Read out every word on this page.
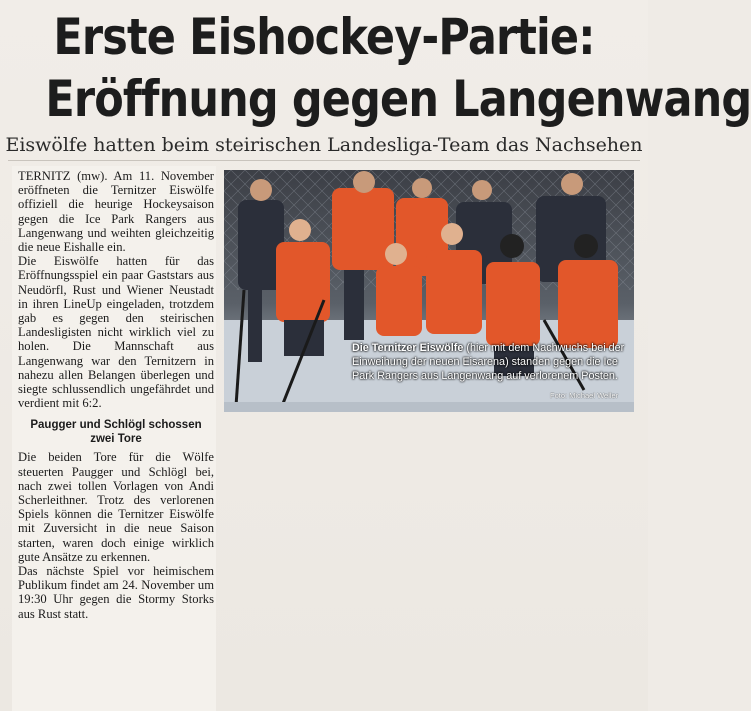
Erste Eishockey-Partie:
Eröffnung gegen Langenwang
Eiswölfe hatten beim steirischen Landesliga-Team das Nachsehen

TERNITZ (mw). Am 11. November eröffneten die Ternitzer Eiswölfe offiziell die heurige Hockeysaison gegen die Ice Park Rangers aus Langenwang und weihten gleichzeitig die neue Eishalle ein.

Die Eiswölfe hatten für das Eröffnungsspiel ein paar Gaststars aus Neudörfl, Rust und Wiener Neustadt in ihren LineUp eingeladen, trotzdem gab es gegen den steirischen Landesligisten nicht wirklich viel zu holen. Die Mannschaft aus Langenwang war den Ternitzern in nahezu allen Belangen überlegen und siegte schlussendlich ungefährdet und verdient mit 6:2.

Paugger und Schlögl schossen zwei Tore

Die beiden Tore für die Wölfe steuerten Paugger und Schlögl bei, nach zwei tollen Vorlagen von Andi Scherleithner. Trotz des verlorenen Spiels können die Ternitzer Eiswölfe mit Zuversicht in die neue Saison starten, waren doch einige wirklich gute Ansätze zu erkennen.

Das nächste Spiel vor heimischem Publikum findet am 24. November um 19:30 Uhr gegen die Stormy Storks aus Rust statt.

Die Ternitzer Eiswölfe (hier mit dem Nachwuchs bei der Einweihung der neuen Eisarena) standen gegen die Ice Park Rangers aus Langenwang auf verlorenem Posten.
Foto: Michael Weller
